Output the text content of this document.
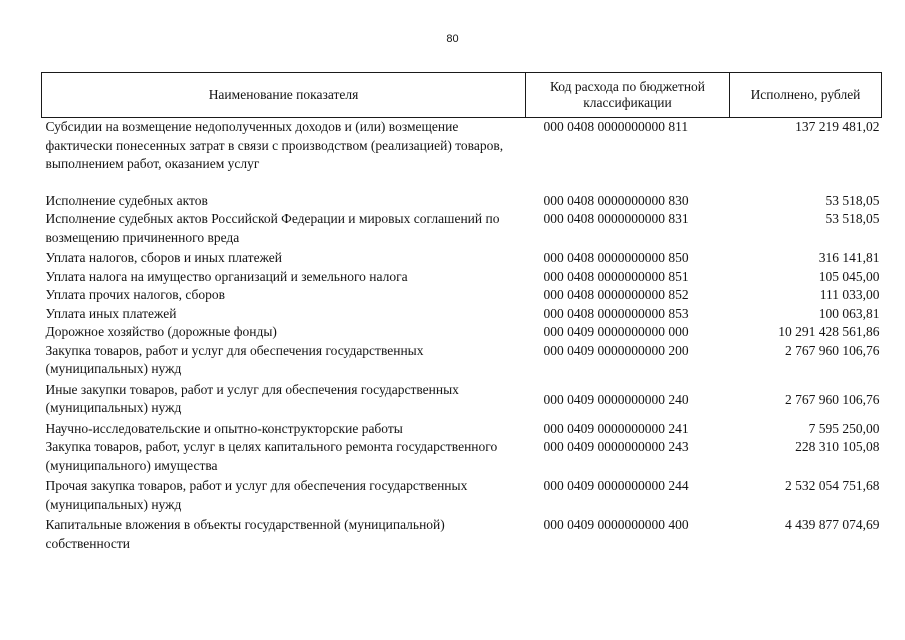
80
Наименование показателя	Код расхода по бюджетной классификации	Исполнено, рублей
Субсидии на возмещение недополученных доходов и (или) возмещение фактически понесенных затрат в связи с производством (реализацией) товаров, выполнением работ, оказанием услуг	000 0408 0000000000 811	137 219 481,02
Исполнение судебных актов	000 0408 0000000000 830	53 518,05
Исполнение судебных актов Российской Федерации и мировых соглашений по возмещению причиненного вреда	000 0408 0000000000 831	53 518,05
Уплата налогов, сборов и иных платежей	000 0408 0000000000 850	316 141,81
Уплата налога на имущество организаций и земельного налога	000 0408 0000000000 851	105 045,00
Уплата прочих налогов, сборов	000 0408 0000000000 852	111 033,00
Уплата иных платежей	000 0408 0000000000 853	100 063,81
Дорожное хозяйство (дорожные фонды)	000 0409 0000000000 000	10 291 428 561,86
Закупка товаров, работ и услуг для обеспечения государственных (муниципальных) нужд	000 0409 0000000000 200	2 767 960 106,76
Иные закупки товаров, работ и услуг для обеспечения государственных (муниципальных) нужд	000 0409 0000000000 240	2 767 960 106,76
Научно-исследовательские и опытно-конструкторские работы	000 0409 0000000000 241	7 595 250,00
Закупка товаров, работ, услуг в целях капитального ремонта государственного (муниципального) имущества	000 0409 0000000000 243	228 310 105,08
Прочая закупка товаров, работ и услуг для обеспечения государственных (муниципальных) нужд	000 0409 0000000000 244	2 532 054 751,68
Капитальные вложения в объекты государственной (муниципальной) собственности	000 0409 0000000000 400	4 439 877 074,69
